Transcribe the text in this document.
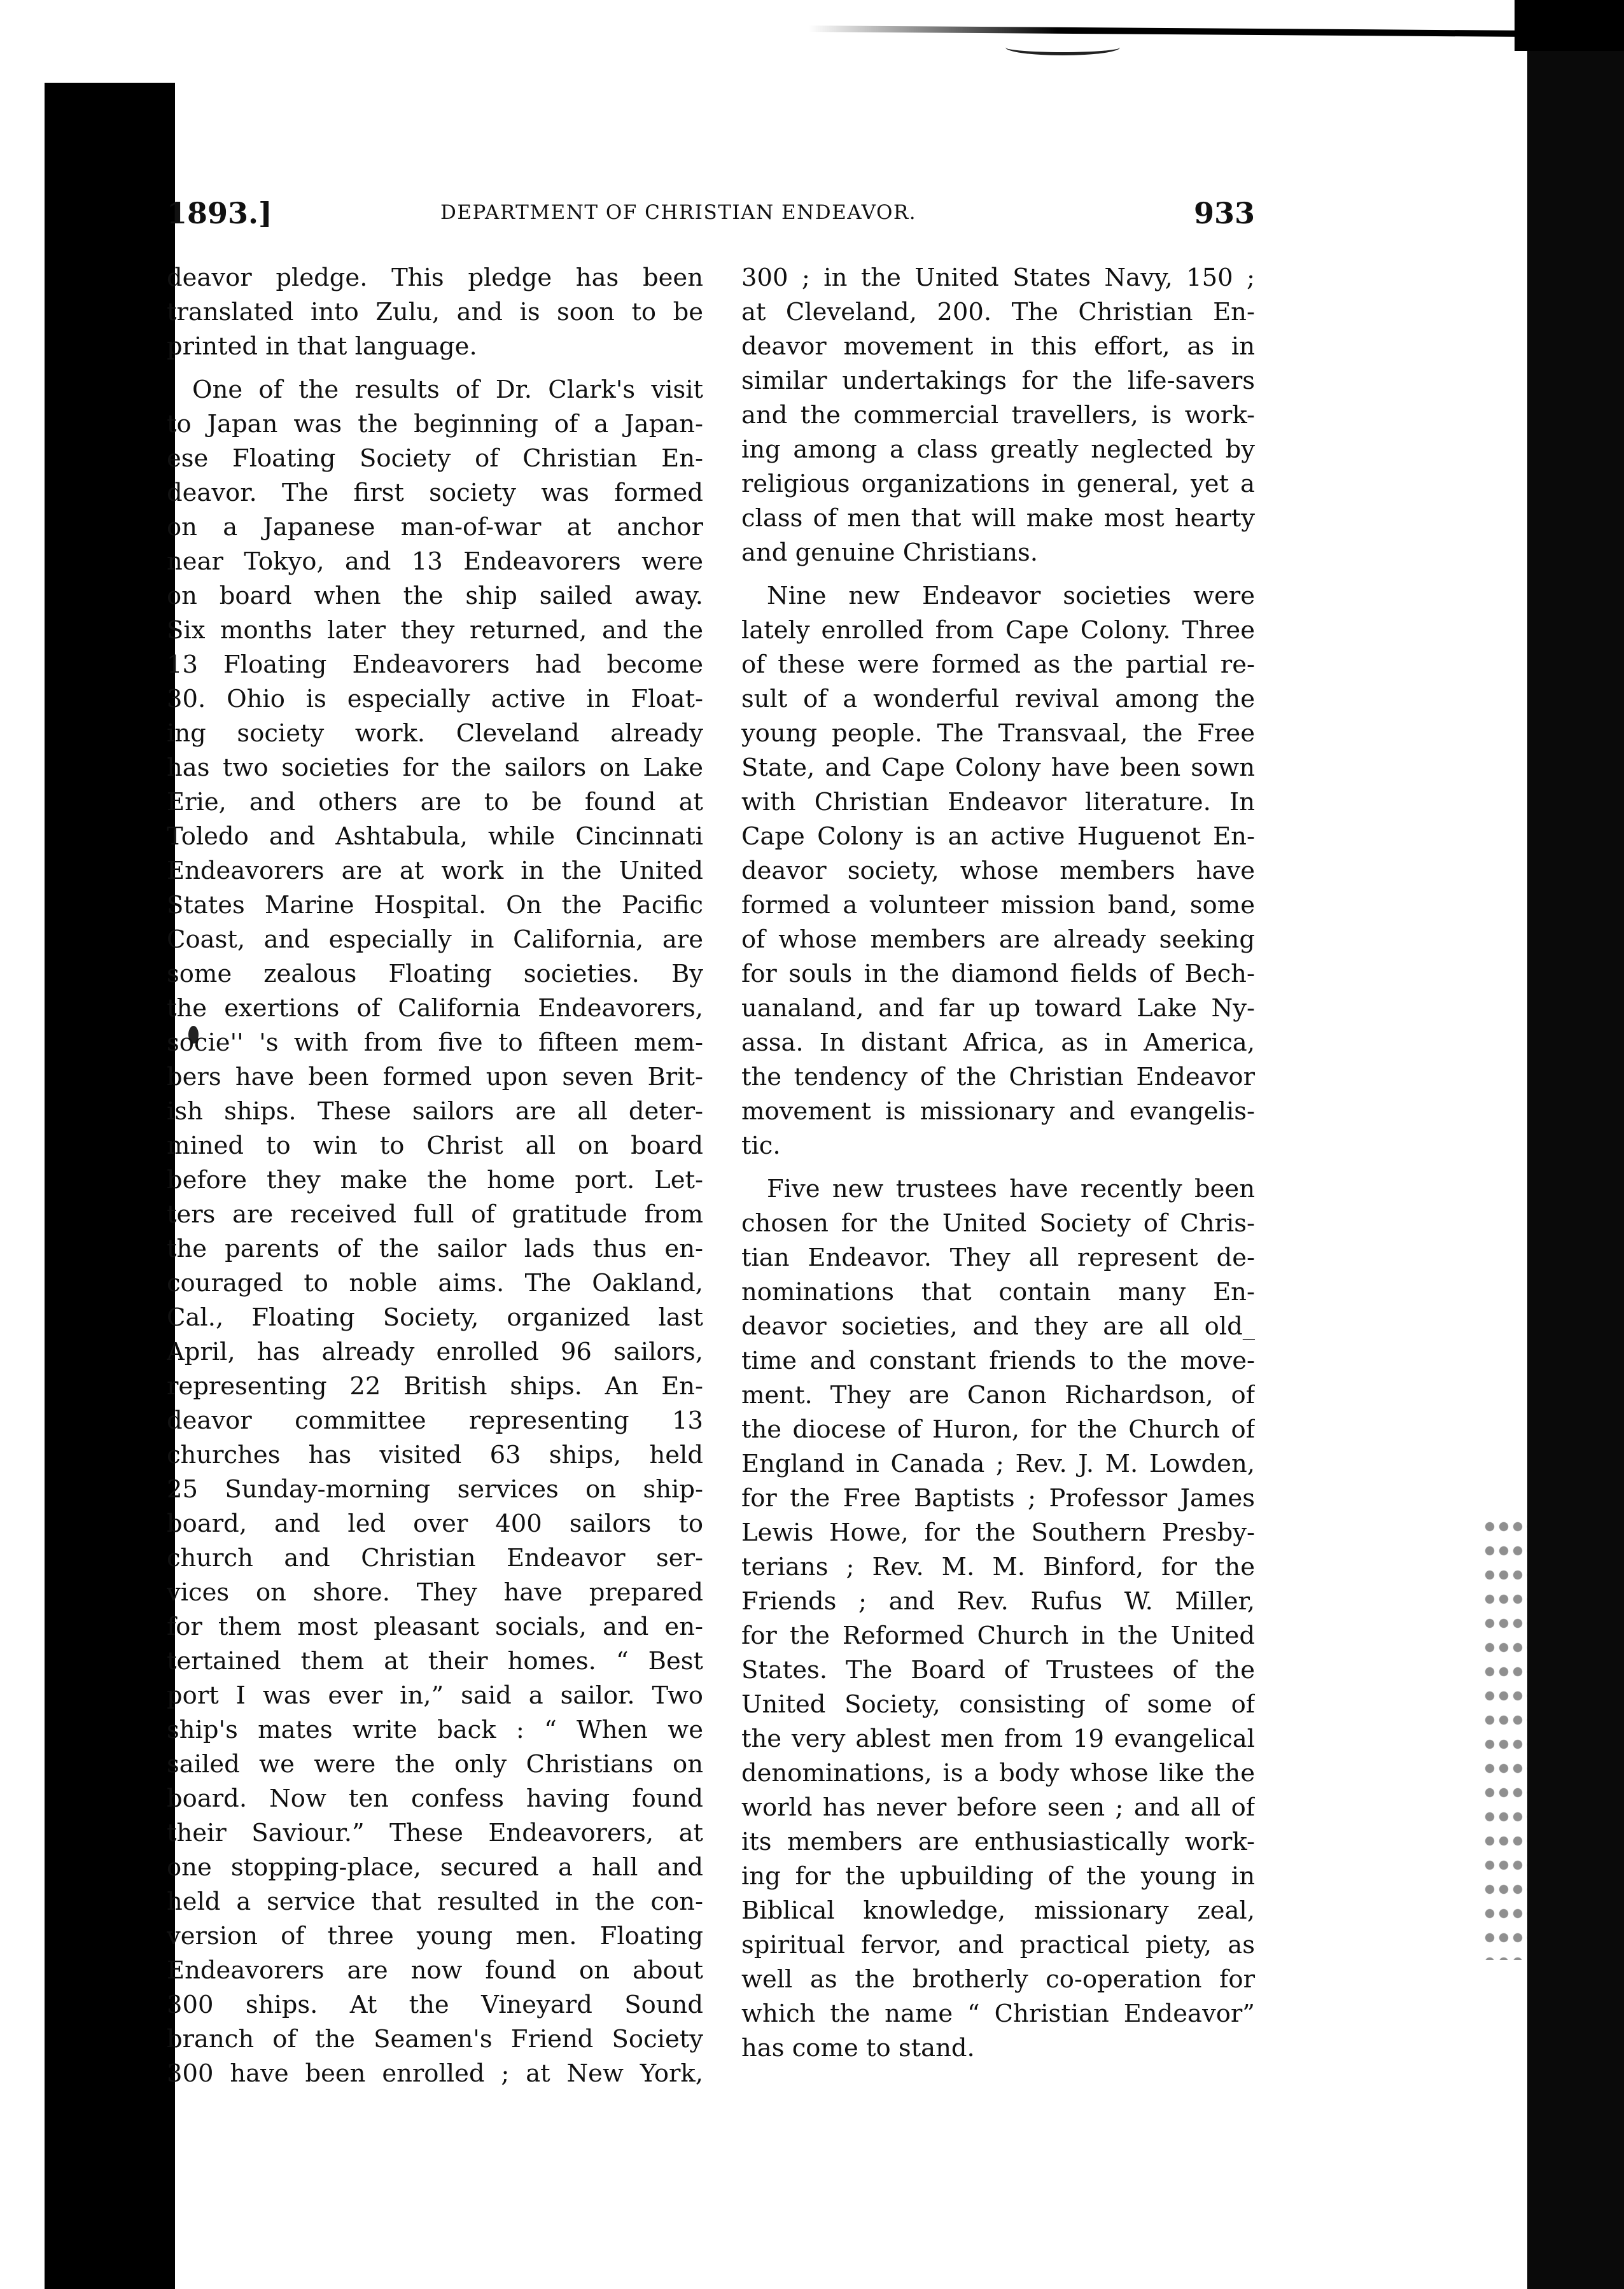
1893.]	DEPARTMENT OF CHRISTIAN ENDEAVOR.	933
deavor pledge. This pledge has been
translated into Zulu, and is soon to be
printed in that language.
One of the results of Dr. Clark's visit
to Japan was the beginning of a Japan-
ese Floating Society of Christian En-
deavor. The first society was formed
on a Japanese man-of-war at anchor
near Tokyo, and 13 Endeavorers were
on board when the ship sailed away.
Six months later they returned, and the
13 Floating Endeavorers had become
30. Ohio is especially active in Float-
ing society work. Cleveland already
has two societies for the sailors on Lake
Erie, and others are to be found at
Toledo and Ashtabula, while Cincinnati
Endeavorers are at work in the United
States Marine Hospital. On the Pacific
Coast, and especially in California, are
some zealous Floating societies. By
the exertions of California Endeavorers,
socie'' 's with from five to fifteen mem-
bers have been formed upon seven Brit-
ish ships. These sailors are all deter-
mined to win to Christ all on board
before they make the home port. Let-
ters are received full of gratitude from
the parents of the sailor lads thus en-
couraged to noble aims. The Oakland,
Cal., Floating Society, organized last
April, has already enrolled 96 sailors,
representing 22 British ships. An En-
deavor committee representing 13
churches has visited 63 ships, held
25 Sunday-morning services on ship-
board, and led over 400 sailors to
church and Christian Endeavor ser-
vices on shore. They have prepared
for them most pleasant socials, and en-
tertained them at their homes. “ Best
port I was ever in,” said a sailor. Two
ship's mates write back : “ When we
sailed we were the only Christians on
board. Now ten confess having found
their Saviour.” These Endeavorers, at
one stopping-place, secured a hall and
held a service that resulted in the con-
version of three young men. Floating
Endeavorers are now found on about
300 ships. At the Vineyard Sound
branch of the Seamen's Friend Society
300 have been enrolled ; at New York,
300 ; in the United States Navy, 150 ;
at Cleveland, 200. The Christian En-
deavor movement in this effort, as in
similar undertakings for the life-savers
and the commercial travellers, is work-
ing among a class greatly neglected by
religious organizations in general, yet a
class of men that will make most hearty
and genuine Christians.
Nine new Endeavor societies were
lately enrolled from Cape Colony. Three
of these were formed as the partial re-
sult of a wonderful revival among the
young people. The Transvaal, the Free
State, and Cape Colony have been sown
with Christian Endeavor literature. In
Cape Colony is an active Huguenot En-
deavor society, whose members have
formed a volunteer mission band, some
of whose members are already seeking
for souls in the diamond fields of Bech-
uanaland, and far up toward Lake Ny-
assa. In distant Africa, as in America,
the tendency of the Christian Endeavor
movement is missionary and evangelis-
tic.
Five new trustees have recently been
chosen for the United Society of Chris-
tian Endeavor. They all represent de-
nominations that contain many En-
deavor societies, and they are all old_
time and constant friends to the move-
ment. They are Canon Richardson, of
the diocese of Huron, for the Church of
England in Canada ; Rev. J. M. Lowden,
for the Free Baptists ; Professor James
Lewis Howe, for the Southern Presby-
terians ; Rev. M. M. Binford, for the
Friends ; and Rev. Rufus W. Miller,
for the Reformed Church in the United
States. The Board of Trustees of the
United Society, consisting of some of
the very ablest men from 19 evangelical
denominations, is a body whose like the
world has never before seen ; and all of
its members are enthusiastically work-
ing for the upbuilding of the young in
Biblical knowledge, missionary zeal,
spiritual fervor, and practical piety, as
well as the brotherly co-operation for
which the name “ Christian Endeavor”
has come to stand.
